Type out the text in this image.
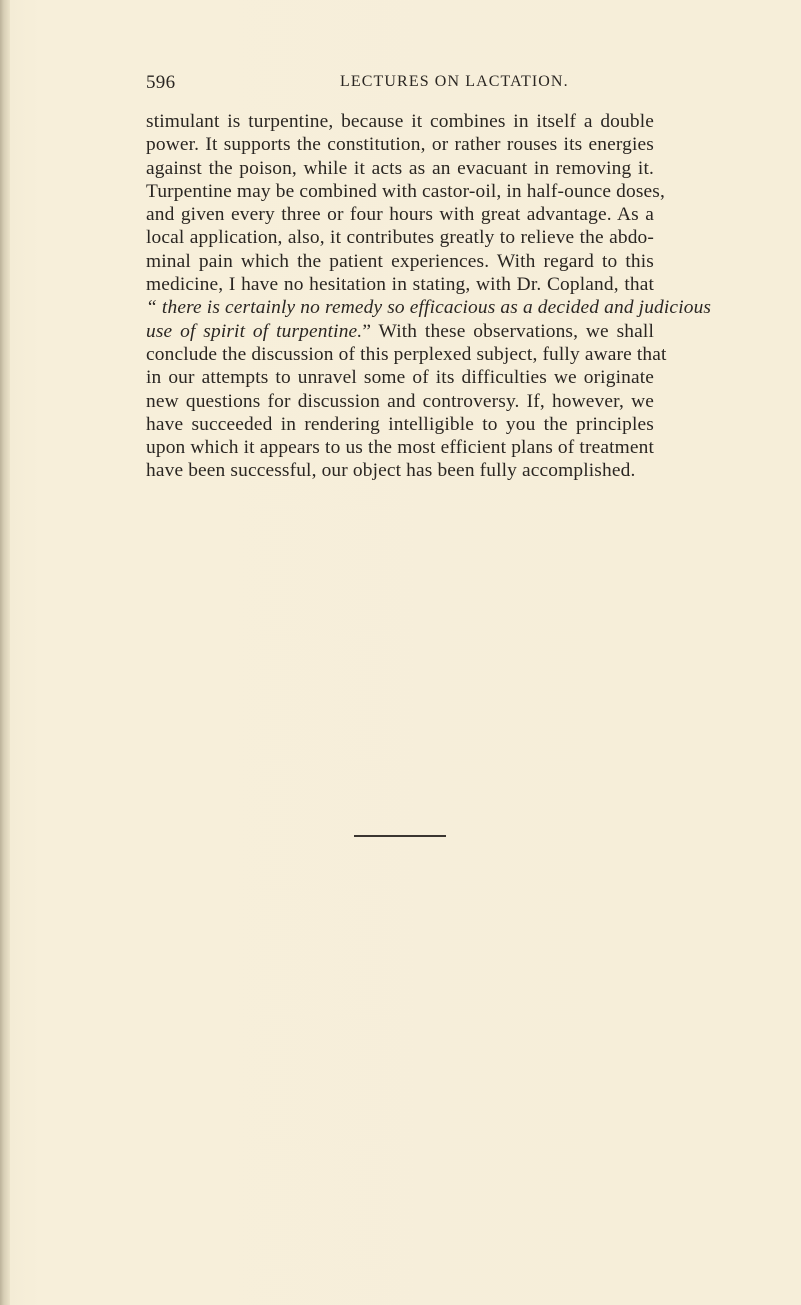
596	LECTURES ON LACTATION.
stimulant is turpentine, because it combines in itself a double
power. It supports the constitution, or rather rouses its energies
against the poison, while it acts as an evacuant in removing it.
Turpentine may be combined with castor-oil, in half-ounce doses,
and given every three or four hours with great advantage. As a
local application, also, it contributes greatly to relieve the abdo-
minal pain which the patient experiences. With regard to this
medicine, I have no hesitation in stating, with Dr. Copland, that
“ there is certainly no remedy so efficacious as a decided and judicious
use of spirit of turpentine.” With these observations, we shall
conclude the discussion of this perplexed subject, fully aware that
in our attempts to unravel some of its difficulties we originate
new questions for discussion and controversy. If, however, we
have succeeded in rendering intelligible to you the principles
upon which it appears to us the most efficient plans of treatment
have been successful, our object has been fully accomplished.
